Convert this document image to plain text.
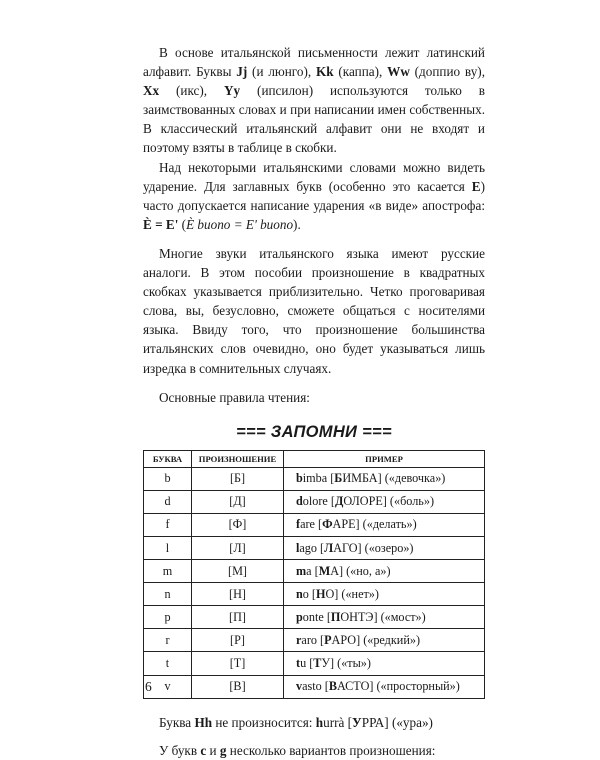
В основе итальянской письменности лежит латинский алфавит. Буквы Jj (и люнго), Kk (каппа), Ww (доппио ву), Xx (икс), Yy (ипсилон) используются только в заимствованных словах и при написании имен собственных. В классический итальянский алфавит они не входят и поэтому взяты в таблице в скобки.

Над некоторыми итальянскими словами можно видеть ударение. Для заглавных букв (особенно это касается E) часто допускается написание ударения «в виде» апострофа: È = E' (È buono = E' buono).

Многие звуки итальянского языка имеют русские аналоги. В этом пособии произношение в квадратных скобках указывается приблизительно. Четко проговаривая слова, вы, безусловно, сможете общаться с носителями языка. Ввиду того, что произношение большинства итальянских слов очевидно, оно будет указываться лишь изредка в сомнительных случаях.

Основные правила чтения:

=== ЗАПОМНИ ===
БУКВА	ПРОИЗНОШЕНИЕ	ПРИМЕР
b	[Б]	bimba [БИМБА] («девочка»)
d	[Д]	dolore [ДОЛОРЕ] («боль»)
f	[Ф]	fare [ФАРЕ] («делать»)
l	[Л]	lago [ЛАГО] («озеро»)
m	[М]	ma [МА] («но, а»)
n	[Н]	no [НО] («нет»)
p	[П]	ponte [ПОНТЭ] («мост»)
r	[Р]	raro [РАРО] («редкий»)
t	[Т]	tu [ТУ] («ты»)
v	[В]	vasto [ВАСТО] («просторный»)

Буква Hh не произносится: hurrà [УРРА] («ура»)

У букв c и g несколько вариантов произношения:

6
